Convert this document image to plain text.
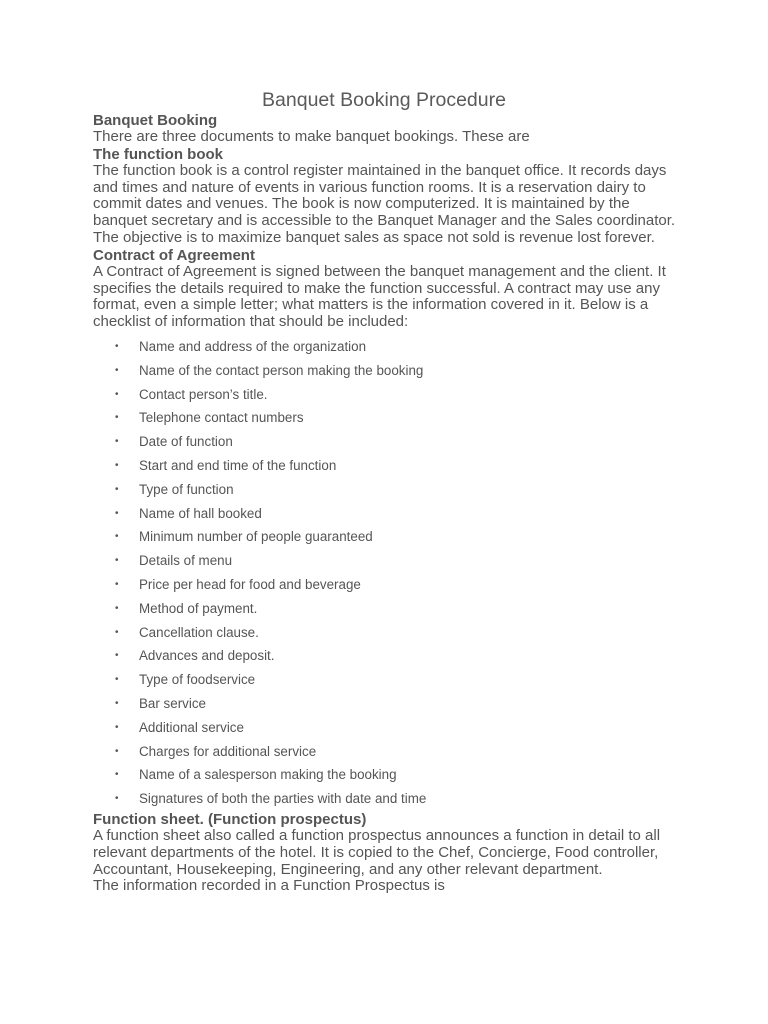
Banquet Booking Procedure

Banquet Booking

There are three documents to make banquet bookings. These are

The function book

The function book is a control register maintained in the banquet office. It records days and times and nature of events in various function rooms. It is a reservation dairy to commit dates and venues. The book is now computerized. It is maintained by the banquet secretary and is accessible to the Banquet Manager and the Sales coordinator. The objective is to maximize banquet sales as space not sold is revenue lost forever.

Contract of Agreement

A Contract of Agreement is signed between the banquet management and the client. It specifies the details required to make the function successful. A contract may use any format, even a simple letter; what matters is the information covered in it. Below is a checklist of information that should be included:

• Name and address of the organization
• Name of the contact person making the booking
• Contact person’s title.
• Telephone contact numbers
• Date of function
• Start and end time of the function
• Type of function
• Name of hall booked
• Minimum number of people guaranteed
• Details of menu
• Price per head for food and beverage
• Method of payment.
• Cancellation clause.
• Advances and deposit.
• Type of foodservice
• Bar service
• Additional service
• Charges for additional service
• Name of a salesperson making the booking
• Signatures of both the parties with date and time

Function sheet. (Function prospectus)

A function sheet also called a function prospectus announces a function in detail to all relevant departments of the hotel. It is copied to the Chef, Concierge, Food controller, Accountant, Housekeeping, Engineering, and any other relevant department.

The information recorded in a Function Prospectus is
